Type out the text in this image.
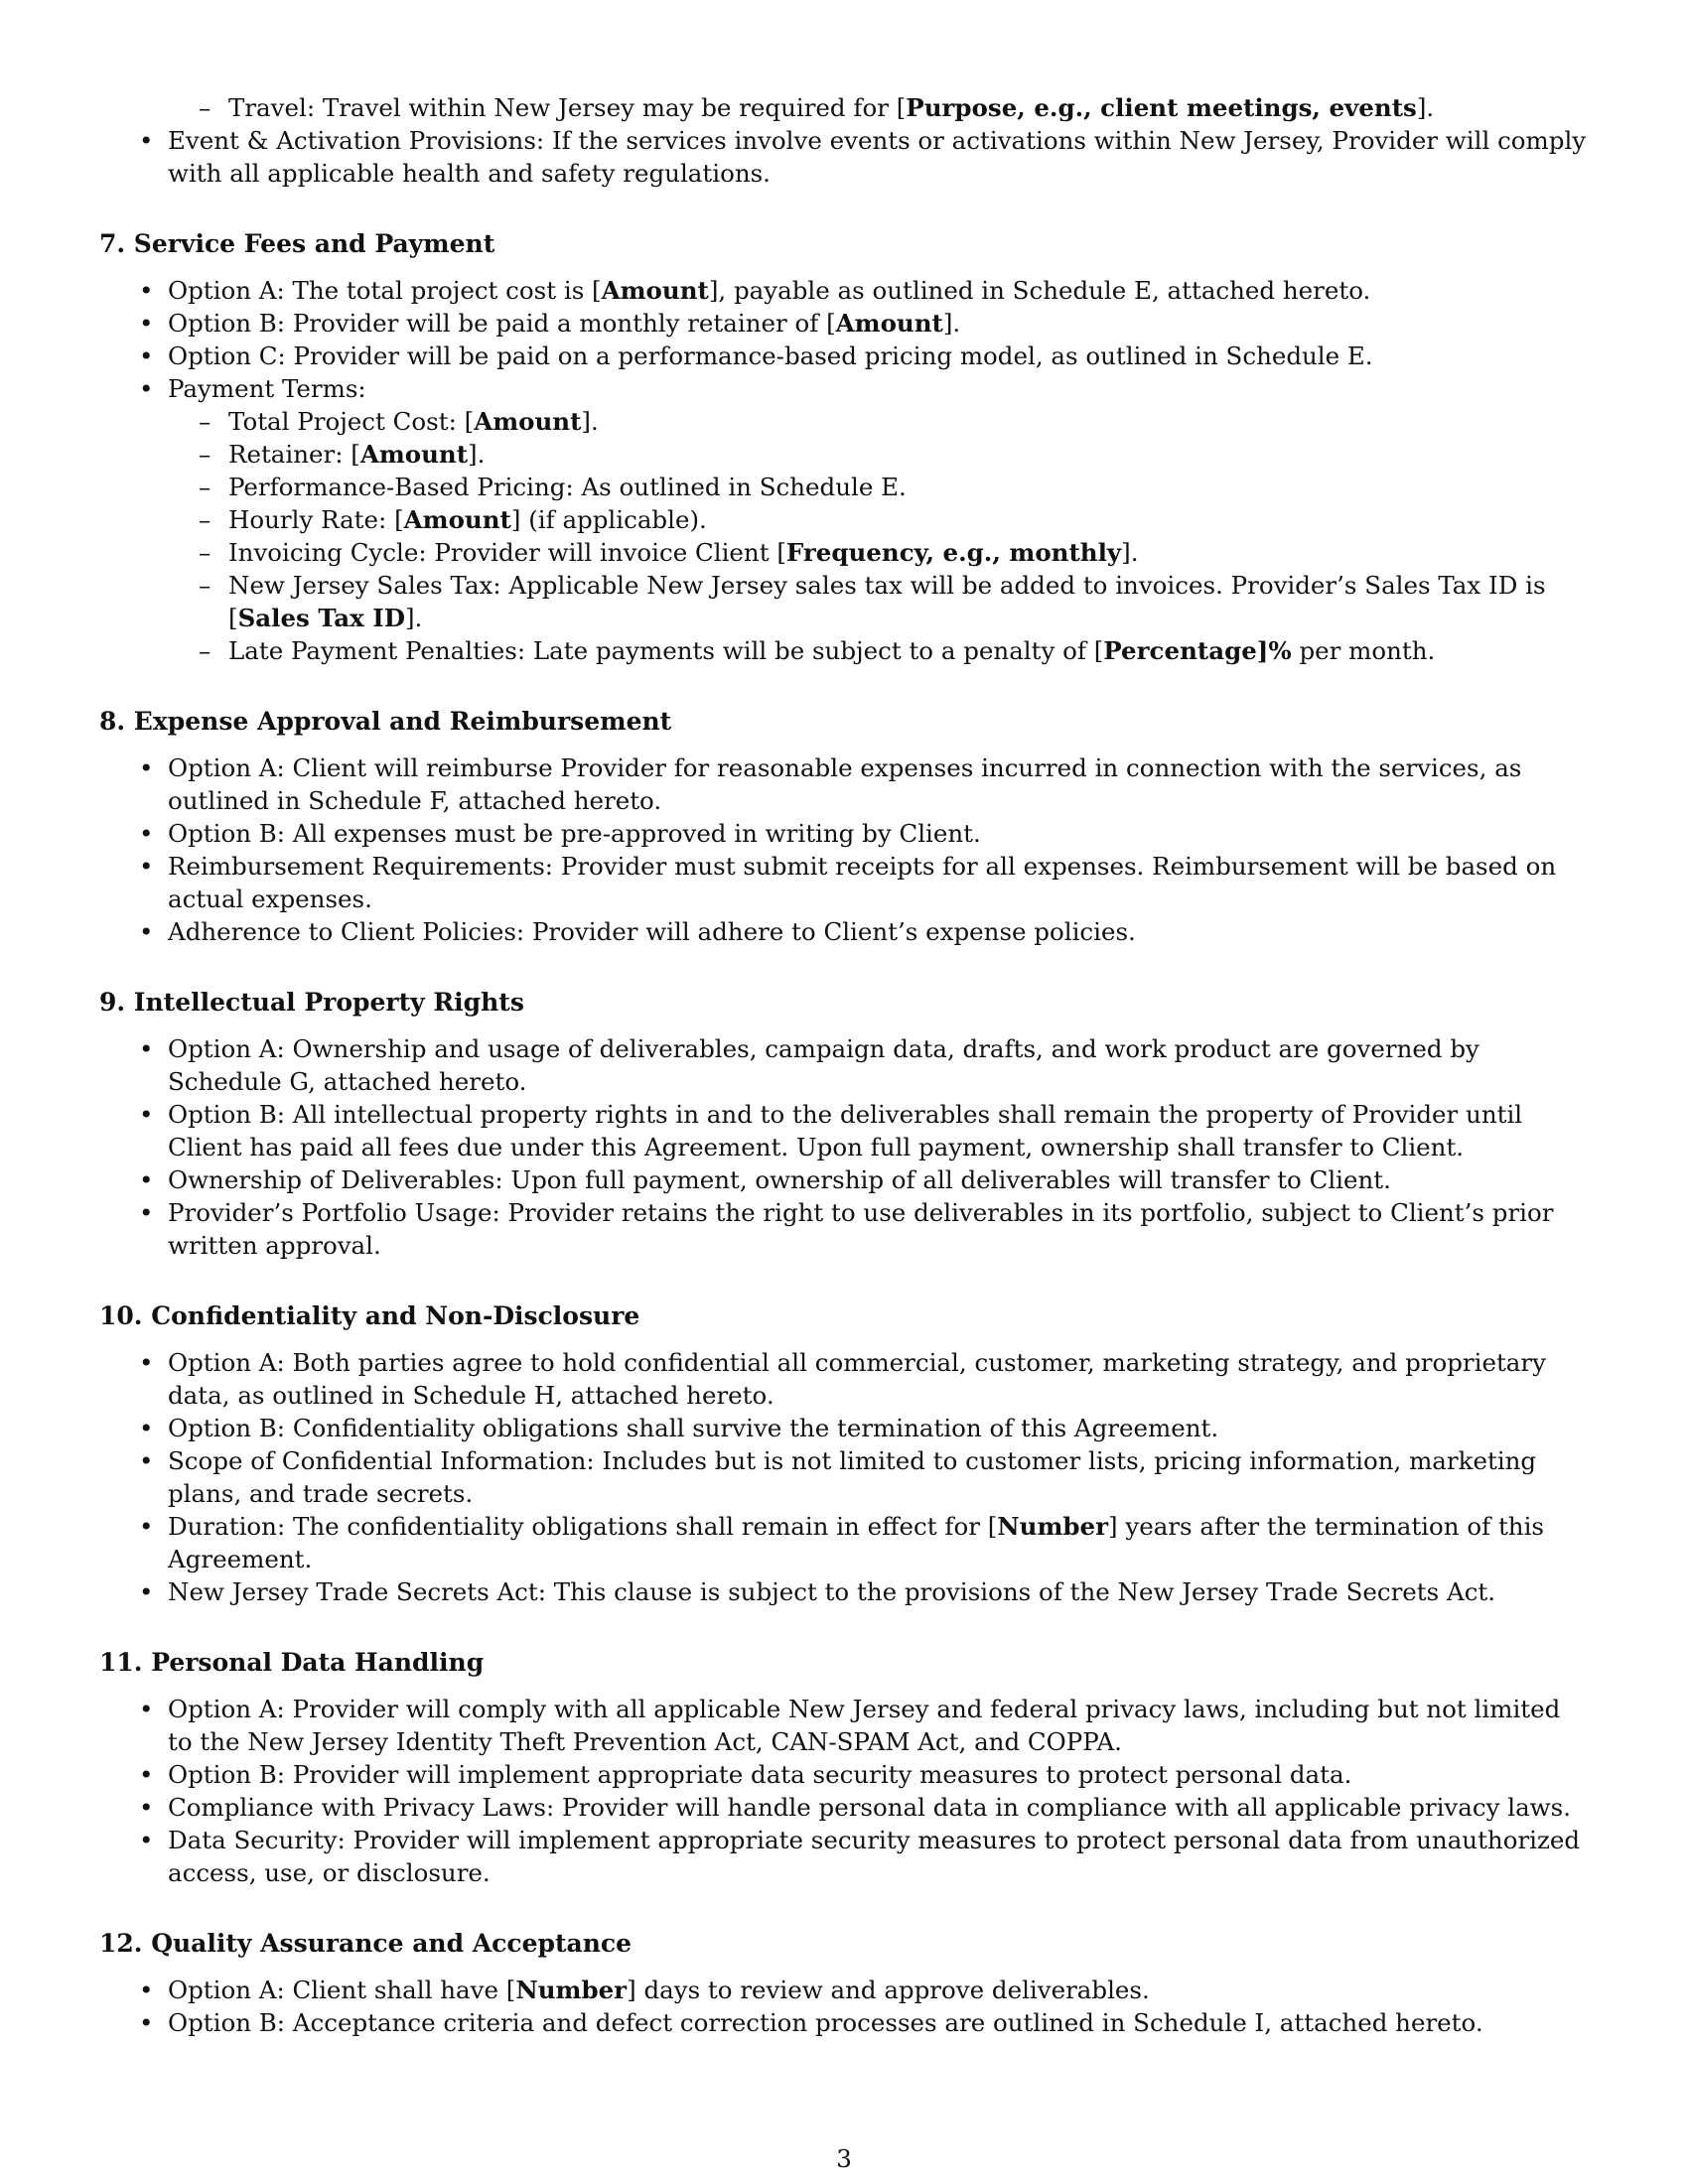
– Travel: Travel within New Jersey may be required for [Purpose, e.g., client meetings, events].
• Event & Activation Provisions: If the services involve events or activations within New Jersey, Provider will comply with all applicable health and safety regulations.
7. Service Fees and Payment
• Option A: The total project cost is [Amount], payable as outlined in Schedule E, attached hereto.
• Option B: Provider will be paid a monthly retainer of [Amount].
• Option C: Provider will be paid on a performance-based pricing model, as outlined in Schedule E.
• Payment Terms:
– Total Project Cost: [Amount].
– Retainer: [Amount].
– Performance-Based Pricing: As outlined in Schedule E.
– Hourly Rate: [Amount] (if applicable).
– Invoicing Cycle: Provider will invoice Client [Frequency, e.g., monthly].
– New Jersey Sales Tax: Applicable New Jersey sales tax will be added to invoices. Provider’s Sales Tax ID is [Sales Tax ID].
– Late Payment Penalties: Late payments will be subject to a penalty of [Percentage]% per month.
8. Expense Approval and Reimbursement
• Option A: Client will reimburse Provider for reasonable expenses incurred in connection with the services, as outlined in Schedule F, attached hereto.
• Option B: All expenses must be pre-approved in writing by Client.
• Reimbursement Requirements: Provider must submit receipts for all expenses. Reimbursement will be based on actual expenses.
• Adherence to Client Policies: Provider will adhere to Client’s expense policies.
9. Intellectual Property Rights
• Option A: Ownership and usage of deliverables, campaign data, drafts, and work product are governed by Schedule G, attached hereto.
• Option B: All intellectual property rights in and to the deliverables shall remain the property of Provider until Client has paid all fees due under this Agreement. Upon full payment, ownership shall transfer to Client.
• Ownership of Deliverables: Upon full payment, ownership of all deliverables will transfer to Client.
• Provider’s Portfolio Usage: Provider retains the right to use deliverables in its portfolio, subject to Client’s prior written approval.
10. Confidentiality and Non-Disclosure
• Option A: Both parties agree to hold confidential all commercial, customer, marketing strategy, and proprietary data, as outlined in Schedule H, attached hereto.
• Option B: Confidentiality obligations shall survive the termination of this Agreement.
• Scope of Confidential Information: Includes but is not limited to customer lists, pricing information, marketing plans, and trade secrets.
• Duration: The confidentiality obligations shall remain in effect for [Number] years after the termination of this Agreement.
• New Jersey Trade Secrets Act: This clause is subject to the provisions of the New Jersey Trade Secrets Act.
11. Personal Data Handling
• Option A: Provider will comply with all applicable New Jersey and federal privacy laws, including but not limited to the New Jersey Identity Theft Prevention Act, CAN-SPAM Act, and COPPA.
• Option B: Provider will implement appropriate data security measures to protect personal data.
• Compliance with Privacy Laws: Provider will handle personal data in compliance with all applicable privacy laws.
• Data Security: Provider will implement appropriate security measures to protect personal data from unauthorized access, use, or disclosure.
12. Quality Assurance and Acceptance
• Option A: Client shall have [Number] days to review and approve deliverables.
• Option B: Acceptance criteria and defect correction processes are outlined in Schedule I, attached hereto.
3
